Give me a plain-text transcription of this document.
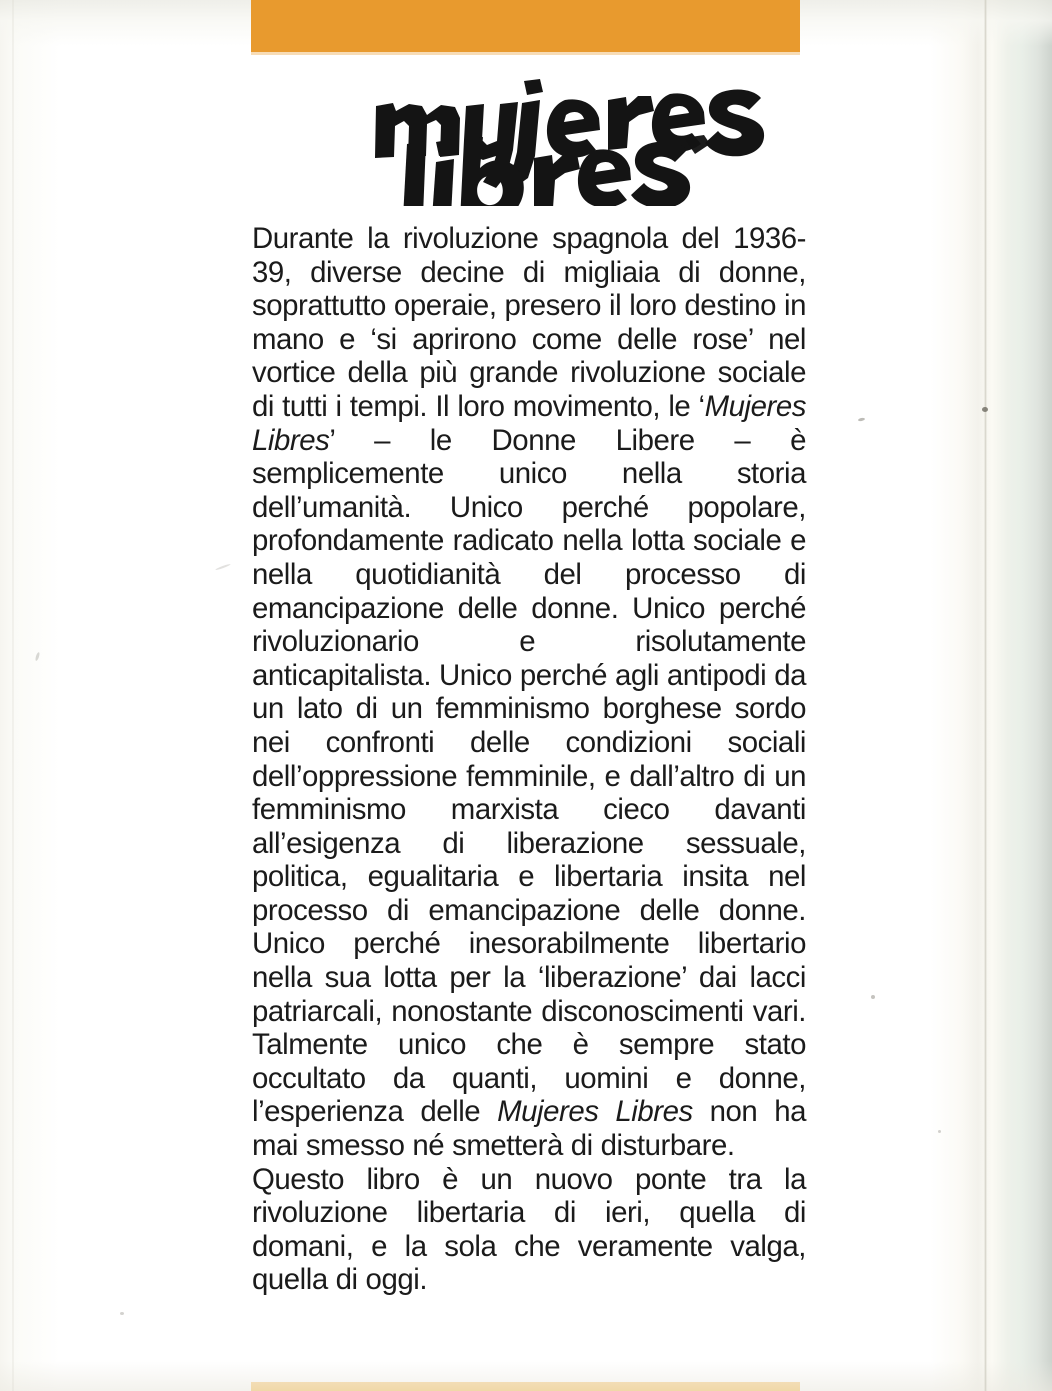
Durante la rivoluzione spagnola del 1936-39, diverse decine di migliaia di donne, soprattutto operaie, presero il loro destino in mano e ‘si aprirono come delle rose’ nel vortice della più grande rivoluzione sociale di tutti i tempi. Il loro movimento, le ‘Mujeres Libres’ – le Donne Libere – è semplicemente unico nella storia dell’umanità. Unico perché popolare, profondamente radicato nella lotta sociale e nella quotidianità del processo di emancipazione delle donne. Unico perché rivoluzionario e risolutamente anticapitalista. Unico perché agli antipodi da un lato di un femminismo borghese sordo nei confronti delle condizioni sociali dell’oppressione femminile, e dall’altro di un femminismo marxista cieco davanti all’esigenza di liberazione sessuale, politica, egualitaria e libertaria insita nel processo di emancipazione delle donne. Unico perché inesorabilmente libertario nella sua lotta per la ‘liberazione’ dai lacci patriarcali, nonostante disconoscimenti vari. Talmente unico che è sempre stato occultato da quanti, uomini e donne, l’esperienza delle Mujeres Libres non ha mai smesso né smetterà di disturbare.

Questo libro è un nuovo ponte tra la rivoluzione libertaria di ieri, quella di domani, e la sola che veramente valga, quella di oggi.
